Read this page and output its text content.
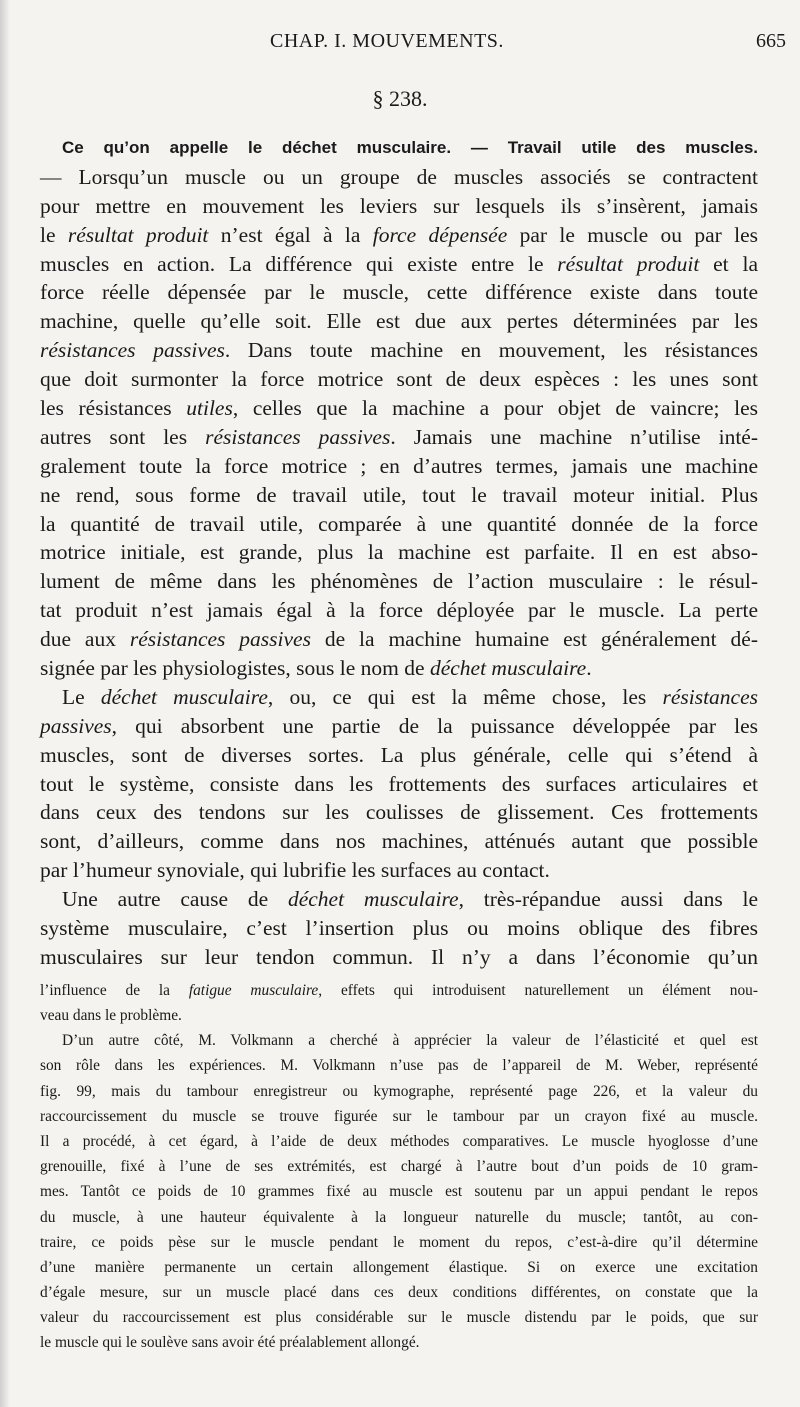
CHAP. I. MOUVEMENTS.	665
§ 238.
Ce qu’on appelle le déchet musculaire. — Travail utile des muscles.
— Lorsqu’un muscle ou un groupe de muscles associés se contractent
pour mettre en mouvement les leviers sur lesquels ils s’insèrent, jamais
le résultat produit n’est égal à la force dépensée par le muscle ou par les
muscles en action. La différence qui existe entre le résultat produit et la
force réelle dépensée par le muscle, cette différence existe dans toute
machine, quelle qu’elle soit. Elle est due aux pertes déterminées par les
résistances passives. Dans toute machine en mouvement, les résistances
que doit surmonter la force motrice sont de deux espèces : les unes sont
les résistances utiles, celles que la machine a pour objet de vaincre; les
autres sont les résistances passives. Jamais une machine n’utilise inté-
gralement toute la force motrice ; en d’autres termes, jamais une machine
ne rend, sous forme de travail utile, tout le travail moteur initial. Plus
la quantité de travail utile, comparée à une quantité donnée de la force
motrice initiale, est grande, plus la machine est parfaite. Il en est abso-
lument de même dans les phénomènes de l’action musculaire : le résul-
tat produit n’est jamais égal à la force déployée par le muscle. La perte
due aux résistances passives de la machine humaine est généralement dé-
signée par les physiologistes, sous le nom de déchet musculaire.
Le déchet musculaire, ou, ce qui est la même chose, les résistances
passives, qui absorbent une partie de la puissance développée par les
muscles, sont de diverses sortes. La plus générale, celle qui s’étend à
tout le système, consiste dans les frottements des surfaces articulaires et
dans ceux des tendons sur les coulisses de glissement. Ces frottements
sont, d’ailleurs, comme dans nos machines, atténués autant que possible
par l’humeur synoviale, qui lubrifie les surfaces au contact.
Une autre cause de déchet musculaire, très-répandue aussi dans le
système musculaire, c’est l’insertion plus ou moins oblique des fibres
musculaires sur leur tendon commun. Il n’y a dans l’économie qu’un
l’influence de la fatigue musculaire, effets qui introduisent naturellement un élément nou-
veau dans le problème.
D’un autre côté, M. Volkmann a cherché à apprécier la valeur de l’élasticité et quel est
son rôle dans les expériences. M. Volkmann n’use pas de l’appareil de M. Weber, représenté
fig. 99, mais du tambour enregistreur ou kymographe, représenté page 226, et la valeur du
raccourcissement du muscle se trouve figurée sur le tambour par un crayon fixé au muscle.
Il a procédé, à cet égard, à l’aide de deux méthodes comparatives. Le muscle hyoglosse d’une
grenouille, fixé à l’une de ses extrémités, est chargé à l’autre bout d’un poids de 10 gram-
mes. Tantôt ce poids de 10 grammes fixé au muscle est soutenu par un appui pendant le repos
du muscle, à une hauteur équivalente à la longueur naturelle du muscle; tantôt, au con-
traire, ce poids pèse sur le muscle pendant le moment du repos, c’est-à-dire qu’il détermine
d’une manière permanente un certain allongement élastique. Si on exerce une excitation
d’égale mesure, sur un muscle placé dans ces deux conditions différentes, on constate que la
valeur du raccourcissement est plus considérable sur le muscle distendu par le poids, que sur
le muscle qui le soulève sans avoir été préalablement allongé.
